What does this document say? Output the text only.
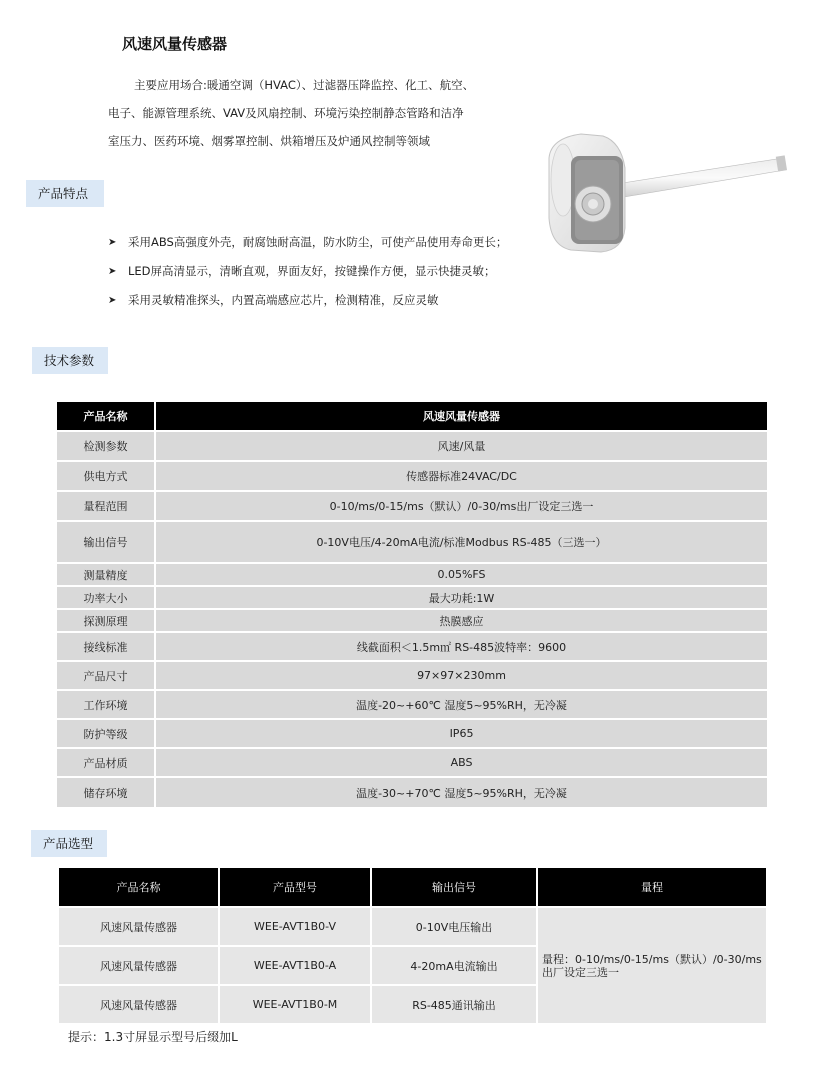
风速风量传感器
主要应用场合:暖通空调（HVAC）、过滤器压降监控、化工、航空、
电子、能源管理系统、VAV及风扇控制、环境污染控制静态管路和洁净
室压力、医药环境、烟雾罩控制、烘箱增压及炉通风控制等领域
产品特点
➤	采用ABS高强度外壳，耐腐蚀耐高温，防水防尘，可使产品使用寿命更长；
➤	LED屏高清显示，清晰直观，界面友好，按键操作方便，显示快捷灵敏；
➤	采用灵敏精准探头，内置高端感应芯片，检测精准，反应灵敏
技术参数
产品名称	风速风量传感器
检测参数	风速/风量
供电方式	传感器标准24VAC/DC
量程范围	0-10/ms/0-15/ms（默认）/0-30/ms出厂设定三选一
输出信号	0-10V电压/4-20mA电流/标准Modbus RS-485（三选一）
测量精度	0.05%FS
功率大小	最大功耗:1W
探测原理	热膜感应
接线标准	线截面积＜1.5m㎡ RS-485波特率：9600
产品尺寸	97×97×230mm
工作环境	温度-20~+60℃ 湿度5~95%RH，无冷凝
防护等级	IP65
产品材质	ABS
储存环境	温度-30~+70℃ 湿度5~95%RH，无冷凝
产品选型
产品名称	产品型号	输出信号	量程
风速风量传感器	WEE-AVT1B0-V	0-10V电压输出	量程：0-10/ms/0-15/ms（默认）/0-30/ms出厂设定三选一
风速风量传感器	WEE-AVT1B0-A	4-20mA电流输出	
风速风量传感器	WEE-AVT1B0-M	RS-485通讯输出	
提示：1.3寸屏显示型号后缀加L
